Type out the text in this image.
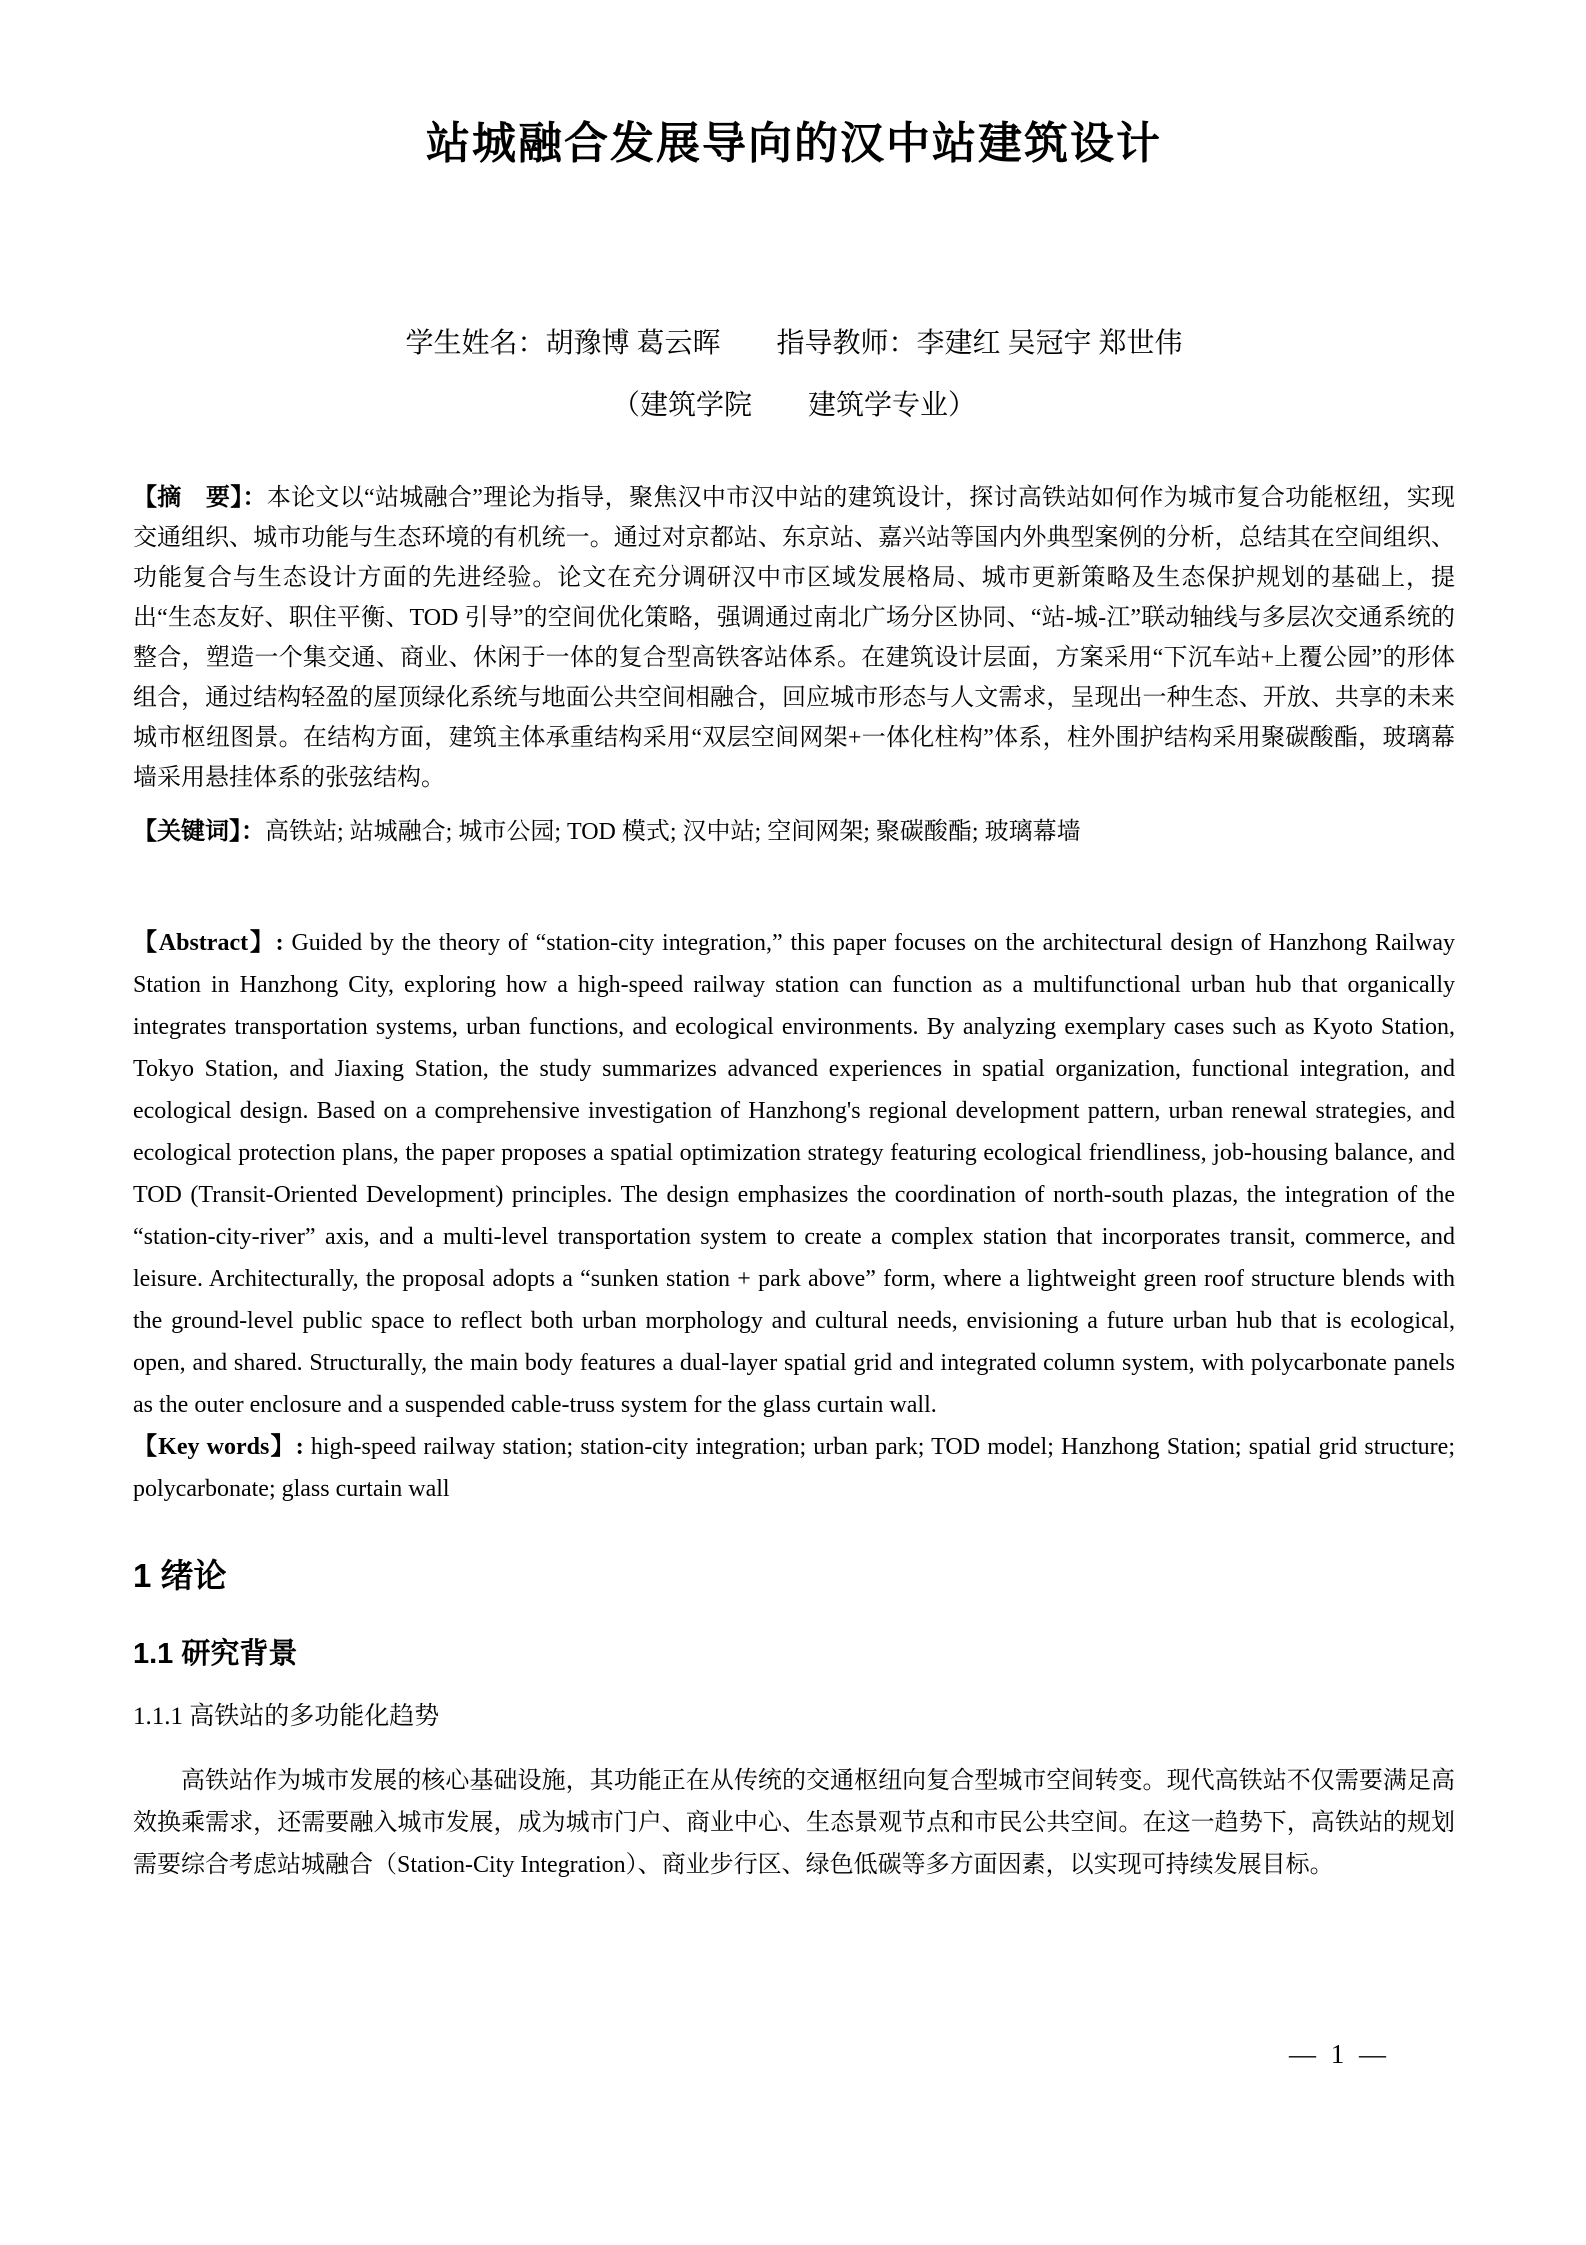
站城融合发展导向的汉中站建筑设计

学生姓名：胡豫博 葛云晖　　指导教师：李建红 吴冠宇 郑世伟

（建筑学院　　建筑学专业）

【摘　要】：本论文以“站城融合”理论为指导，聚焦汉中市汉中站的建筑设计，探讨高铁站如何作为城市复合功能枢纽，实现交通组织、城市功能与生态环境的有机统一。通过对京都站、东京站、嘉兴站等国内外典型案例的分析，总结其在空间组织、功能复合与生态设计方面的先进经验。论文在充分调研汉中市区域发展格局、城市更新策略及生态保护规划的基础上，提出“生态友好、职住平衡、TOD 引导”的空间优化策略，强调通过南北广场分区协同、“站-城-江”联动轴线与多层次交通系统的整合，塑造一个集交通、商业、休闲于一体的复合型高铁客站体系。在建筑设计层面，方案采用“下沉车站+上覆公园”的形体组合，通过结构轻盈的屋顶绿化系统与地面公共空间相融合，回应城市形态与人文需求，呈现出一种生态、开放、共享的未来城市枢纽图景。在结构方面，建筑主体承重结构采用“双层空间网架+一体化柱构”体系，柱外围护结构采用聚碳酸酯，玻璃幕墙采用悬挂体系的张弦结构。

【关键词】：高铁站; 站城融合; 城市公园; TOD 模式; 汉中站; 空间网架; 聚碳酸酯; 玻璃幕墙

【Abstract】: Guided by the theory of “station-city integration,” this paper focuses on the architectural design of Hanzhong Railway Station in Hanzhong City, exploring how a high-speed railway station can function as a multifunctional urban hub that organically integrates transportation systems, urban functions, and ecological environments. By analyzing exemplary cases such as Kyoto Station, Tokyo Station, and Jiaxing Station, the study summarizes advanced experiences in spatial organization, functional integration, and ecological design. Based on a comprehensive investigation of Hanzhong's regional development pattern, urban renewal strategies, and ecological protection plans, the paper proposes a spatial optimization strategy featuring ecological friendliness, job-housing balance, and TOD (Transit-Oriented Development) principles. The design emphasizes the coordination of north-south plazas, the integration of the “station-city-river” axis, and a multi-level transportation system to create a complex station that incorporates transit, commerce, and leisure. Architecturally, the proposal adopts a “sunken station + park above” form, where a lightweight green roof structure blends with the ground-level public space to reflect both urban morphology and cultural needs, envisioning a future urban hub that is ecological, open, and shared. Structurally, the main body features a dual-layer spatial grid and integrated column system, with polycarbonate panels as the outer enclosure and a suspended cable-truss system for the glass curtain wall.

【Key words】: high-speed railway station; station-city integration; urban park; TOD model; Hanzhong Station; spatial grid structure; polycarbonate; glass curtain wall

1 绪论
1.1 研究背景
1.1.1 高铁站的多功能化趋势

高铁站作为城市发展的核心基础设施，其功能正在从传统的交通枢纽向复合型城市空间转变。现代高铁站不仅需要满足高效换乘需求，还需要融入城市发展，成为城市门户、商业中心、生态景观节点和市民公共空间。在这一趋势下，高铁站的规划需要综合考虑站城融合（Station-City Integration）、商业步行区、绿色低碳等多方面因素，以实现可持续发展目标。

— 1 —
